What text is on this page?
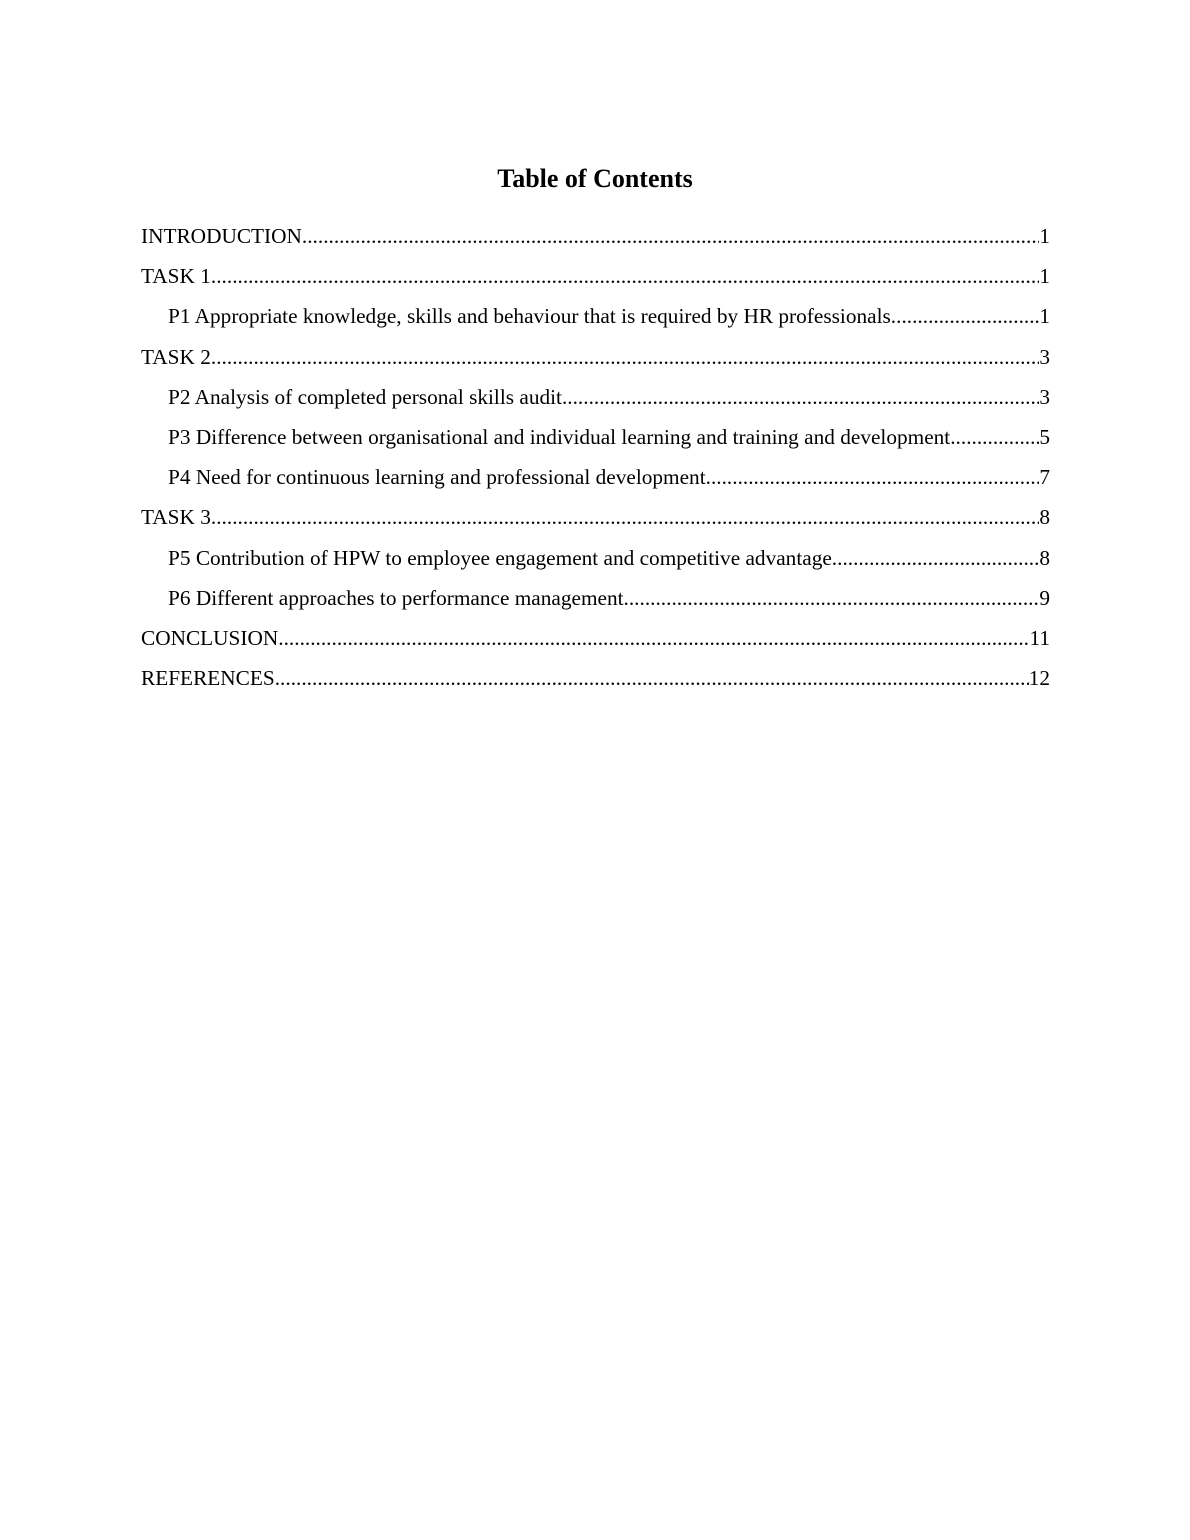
Table of Contents
INTRODUCTION .....	1
TASK 1 .....	1
P1 Appropriate knowledge, skills and behaviour that is required by HR professionals .....	1
TASK 2 .....	3
P2 Analysis of completed personal skills audit .....	3
P3 Difference between organisational and individual learning and training and development .....	5
P4 Need for continuous learning and professional development .....	7
TASK 3 .....	8
P5 Contribution of HPW to employee engagement and competitive advantage .....	8
P6 Different approaches to performance management .....	9
CONCLUSION .....	11
REFERENCES .....	12
